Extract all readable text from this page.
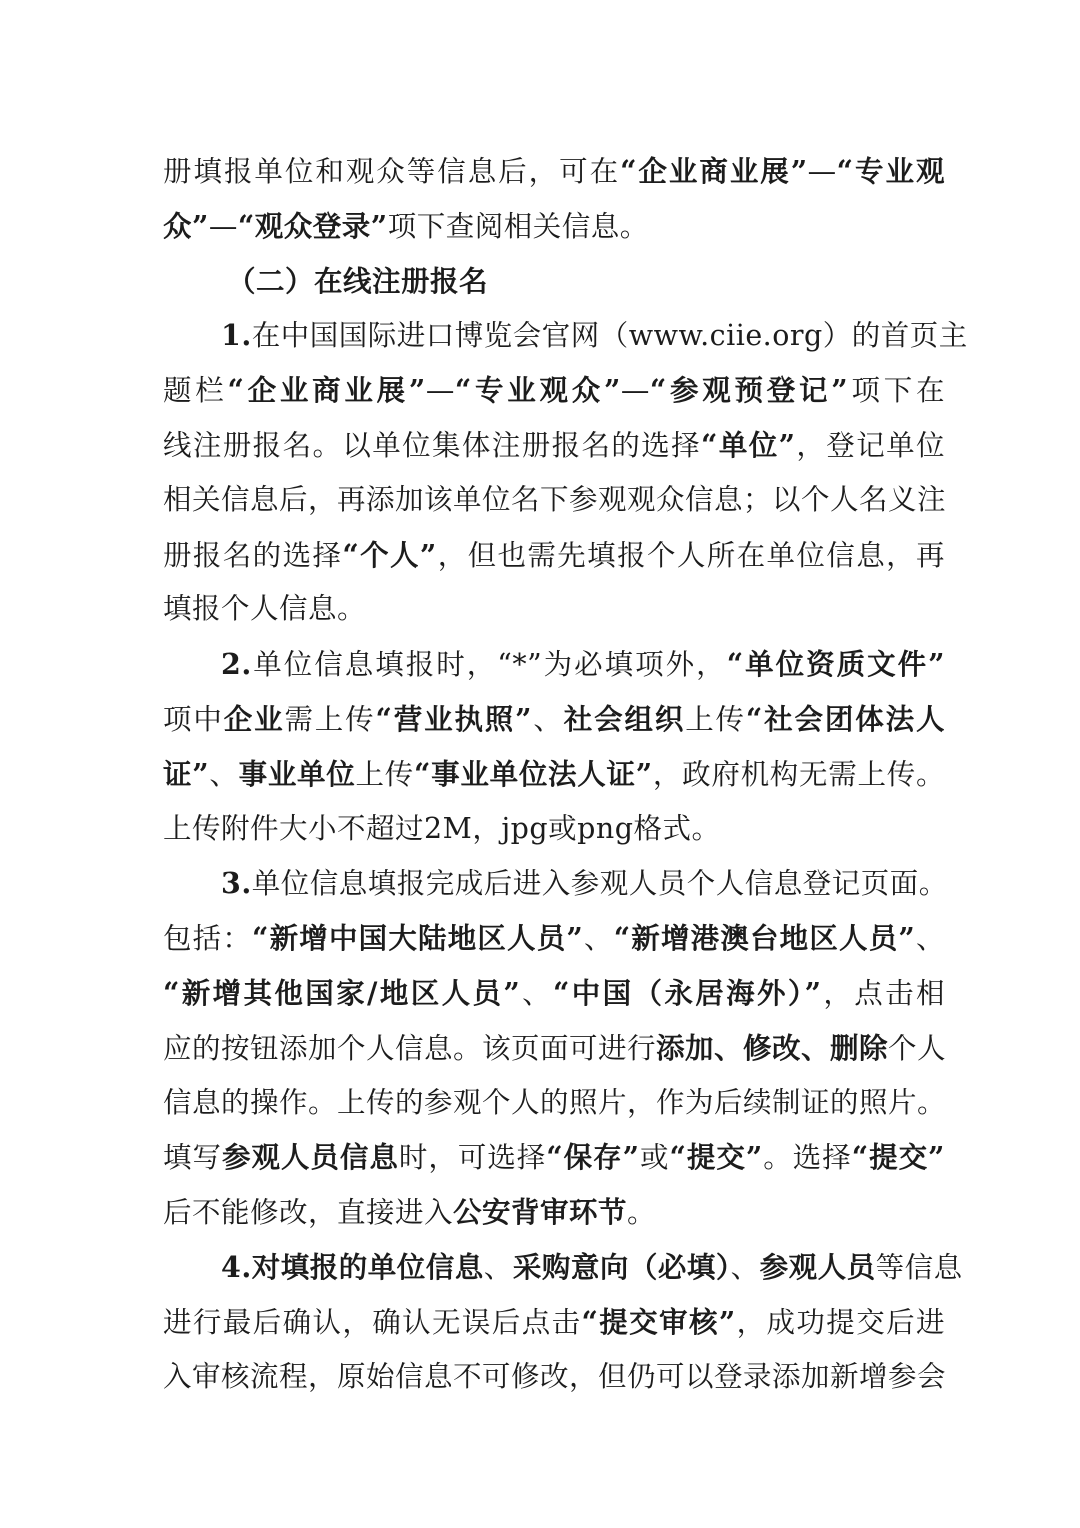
册填报单位和观众等信息后，可在“企业商业展”—“专业观
众”—“观众登录”项下查阅相关信息。
（二）在线注册报名
1.在中国国际进口博览会官网（www.ciie.org）的首页主
题栏“企业商业展”—“专业观众”—“参观预登记”项下在
线注册报名。以单位集体注册报名的选择“单位”，登记单位
相关信息后，再添加该单位名下参观观众信息；以个人名义注
册报名的选择“个人”，但也需先填报个人所在单位信息，再
填报个人信息。
2.单位信息填报时，“*”为必填项外，“单位资质文件”
项中企业需上传“营业执照”、社会组织上传“社会团体法人
证”、事业单位上传“事业单位法人证”，政府机构无需上传。
上传附件大小不超过2M，jpg或png格式。
3.单位信息填报完成后进入参观人员个人信息登记页面。
包括：“新增中国大陆地区人员”、“新增港澳台地区人员”、
“新增其他国家/地区人员”、“中国（永居海外）”，点击相
应的按钮添加个人信息。该页面可进行添加、修改、删除个人
信息的操作。上传的参观个人的照片，作为后续制证的照片。
填写参观人员信息时，可选择“保存”或“提交”。选择“提交”
后不能修改，直接进入公安背审环节。
4.对填报的单位信息、采购意向（必填）、参观人员等信息
进行最后确认，确认无误后点击“提交审核”，成功提交后进
入审核流程，原始信息不可修改，但仍可以登录添加新增参会
